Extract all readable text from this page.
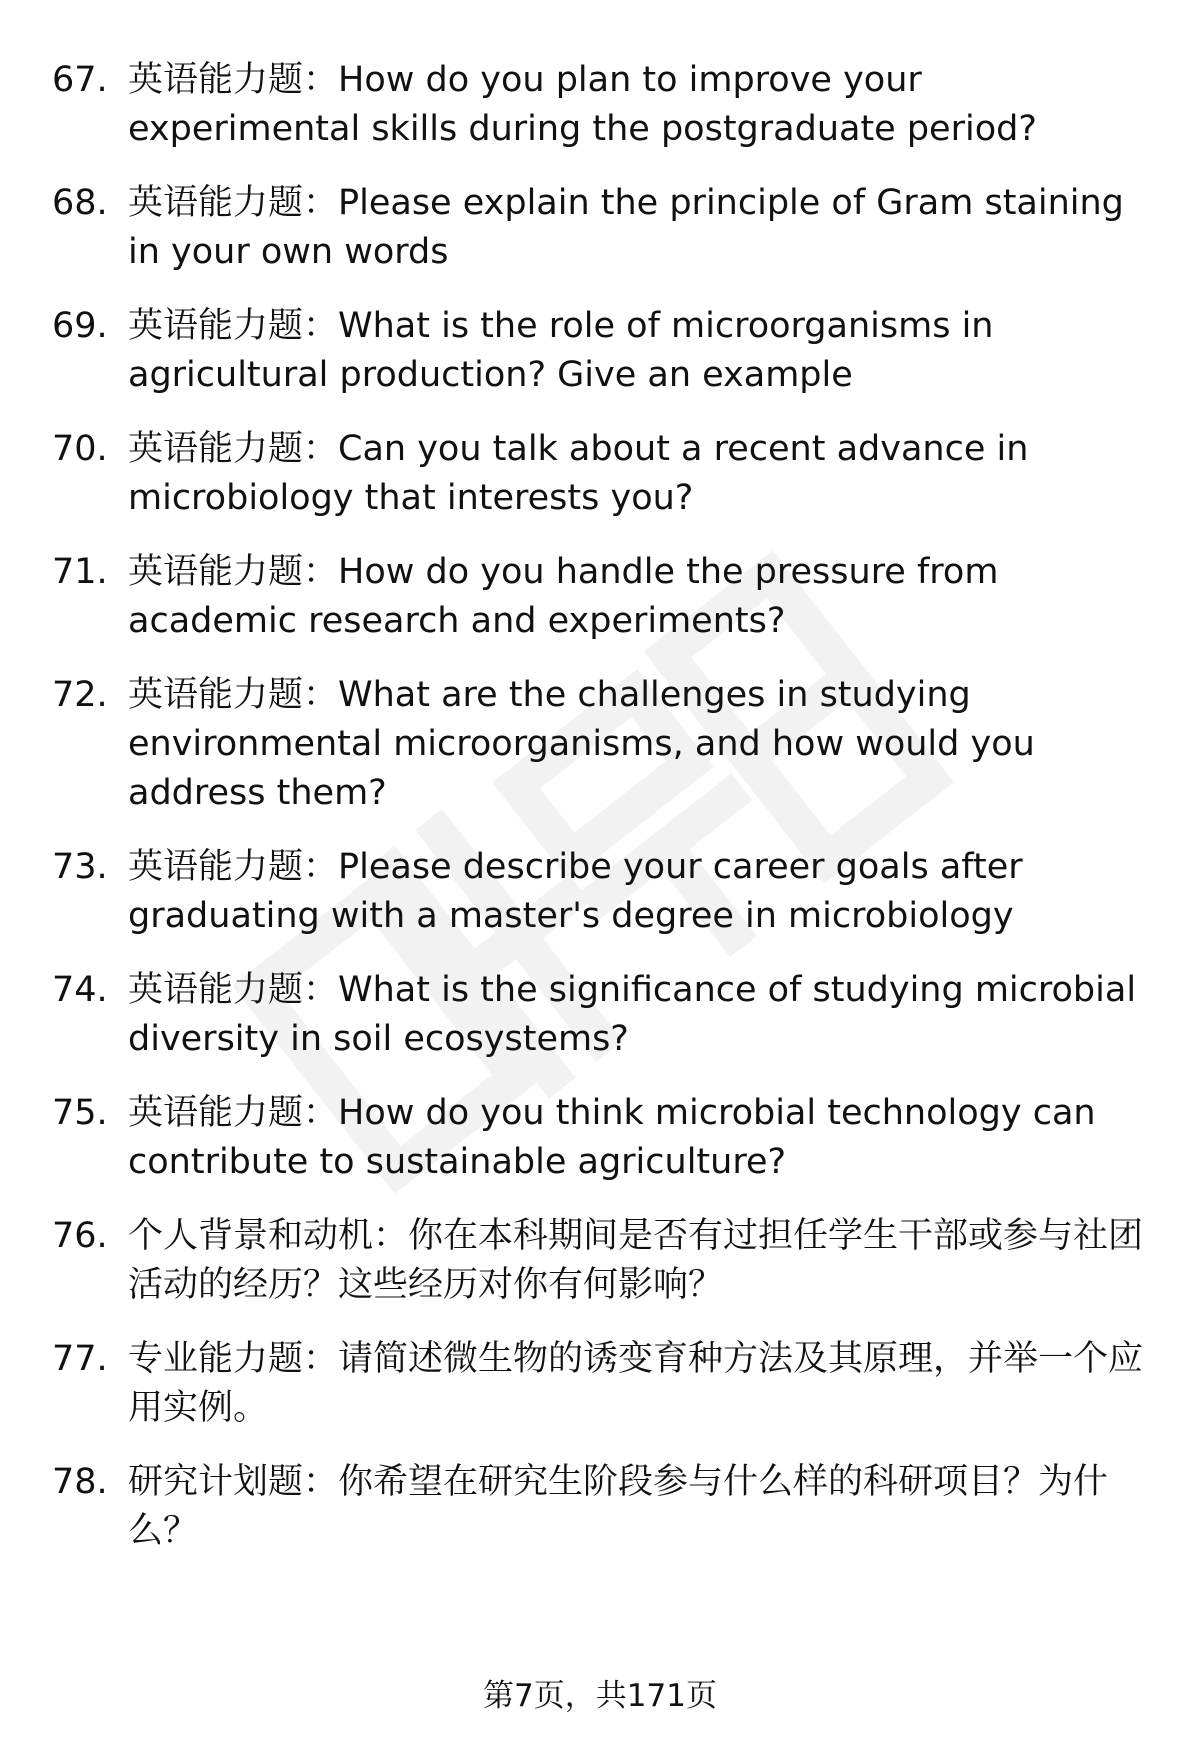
67. 英语能力题：How do you plan to improve your experimental skills during the postgraduate period?
68. 英语能力题：Please explain the principle of Gram staining in your own words
69. 英语能力题：What is the role of microorganisms in agricultural production? Give an example
70. 英语能力题：Can you talk about a recent advance in microbiology that interests you?
71. 英语能力题：How do you handle the pressure from academic research and experiments?
72. 英语能力题：What are the challenges in studying environmental microorganisms, and how would you address them?
73. 英语能力题：Please describe your career goals after graduating with a master's degree in microbiology
74. 英语能力题：What is the significance of studying microbial diversity in soil ecosystems?
75. 英语能力题：How do you think microbial technology can contribute to sustainable agriculture?
76. 个人背景和动机：你在本科期间是否有过担任学生干部或参与社团活动的经历？这些经历对你有何影响？
77. 专业能力题：请简述微生物的诱变育种方法及其原理，并举一个应用实例。
78. 研究计划题：你希望在研究生阶段参与什么样的科研项目？为什么？
第7页，共171页
